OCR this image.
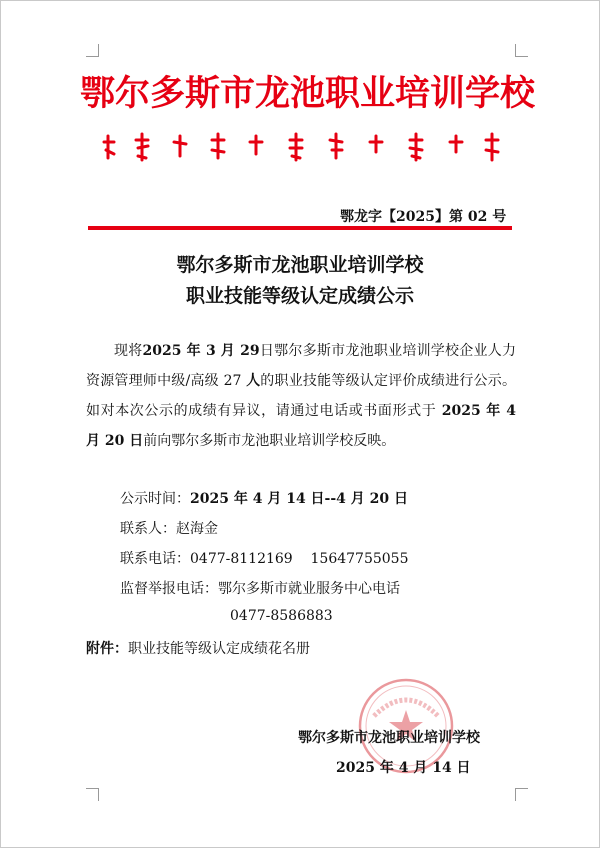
鄂尔多斯市龙池职业培训学校
鄂龙字【2025】第 02 号
鄂尔多斯市龙池职业培训学校
职业技能等级认定成绩公示
现将2025 年 3 月 29日鄂尔多斯市龙池职业培训学校企业人力资源管理师中级/高级 27 人的职业技能等级认定评价成绩进行公示。如对本次公示的成绩有异议，请通过电话或书面形式于 2025 年 4 月 20 日前向鄂尔多斯市龙池职业培训学校反映。
公示时间：2025 年 4 月 14 日--4 月 20 日
联系人：赵海金
联系电话：0477-8112169    15647755055
监督举报电话：鄂尔多斯市就业服务中心电话
0477-8586883
附件：职业技能等级认定成绩花名册
鄂尔多斯市龙池职业培训学校
2025 年 4 月 14 日
